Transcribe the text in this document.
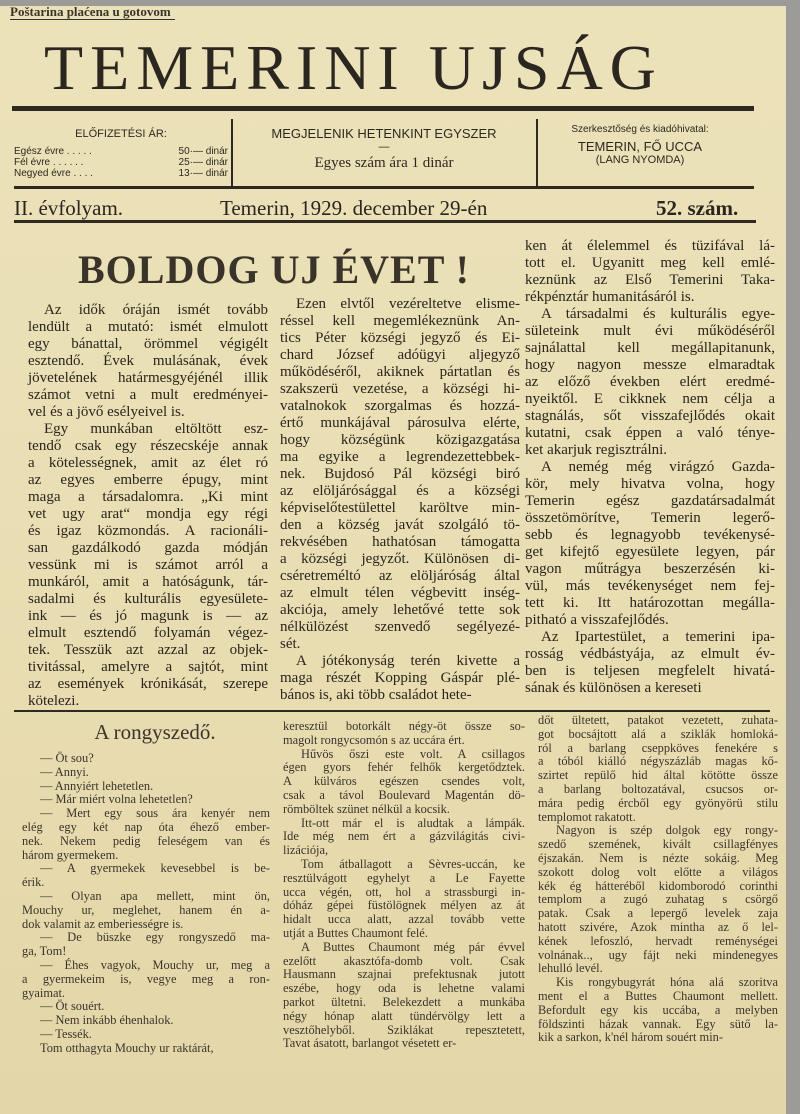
Poštarina plaćena u gotovom
TEMERINI UJSÁG
ELŐFIZETÉSI ÁR:
Egész évre . . . . .	50·— dinár
Fél évre . . . . . .	25·— dinár
Negyed évre . . . .	13·— dinár
MEGJELENIK HETENKINT EGYSZER
—
Egyes szám ára 1 dinár
Szerkesztőség és kiadóhivatal:
TEMERIN, FŐ UCCA
(LANG NYOMDA)
II. évfolyam.	Temerin, 1929. december 29-én	52. szám.
BOLDOG UJ ÉVET !
Az idők óráján ismét tovább
lendült a mutató: ismét elmulott
egy bánattal, örömmel végigélt
esztendő. Évek mulásának, évek
jövetelének határmesgyéjénél illik
számot vetni a mult eredményei-
vel és a jövő esélyeivel is.
Egy munkában eltöltött esz-
tendő csak egy részecskéje annak
a kötelességnek, amit az élet ró
az egyes emberre épugy, mint
maga a társadalomra. „Ki mint
vet ugy arat“ mondja egy régi
és igaz közmondás. A racionáli-
san gazdálkodó gazda módján
vessünk mi is számot arról a
munkáról, amit a hatóságunk, tár-
sadalmi és kulturális egyesülete-
ink — és jó magunk is — az
elmult esztendő folyamán végez-
tek. Tesszük azt azzal az objek-
tivitással, amelyre a sajtót, mint
az események krónikását, szerepe
kötelezi.
Ezen elvtől vezéreltetve elisme-
réssel kell megemlékeznünk An-
tics Péter községi jegyző és Ei-
chard József adóügyi aljegyző
működéséről, akiknek pártatlan és
szakszerü vezetése, a községi hi-
vatalnokok szorgalmas és hozzá-
értő munkájával párosulva elérte,
hogy községünk közigazgatása
ma egyike a legrendezettebbek-
nek. Bujdosó Pál községi biró
az elöljárósággal és a községi
képviselőtestülettel karöltve min-
den a község javát szolgáló tö-
rekvésében hathatósan támogatta
a községi jegyzőt. Különösen di-
cséretreméltó az elöljáróság által
az elmult télen végbevitt inség-
akciója, amely lehetővé tette sok
nélkülözést szenvedő segélyezé-
sét.
A jótékonyság terén kivette a
maga részét Kopping Gáspár plé-
bános is, aki több családot hete-
ken át élelemmel és tüzifával lá-
tott el. Ugyanitt meg kell emlé-
keznünk az Első Temerini Taka-
rékpénztár humanitásáról is.
A társadalmi és kulturális egye-
sületeink mult évi működéséről
sajnálattal kell megállapitanunk,
hogy nagyon messze elmaradtak
az előző években elért eredmé-
nyeiktől. E cikknek nem célja a
stagnálás, sőt visszafejlődés okait
kutatni, csak éppen a való ténye-
ket akarjuk regisztrálni.
A nemég még virágzó Gazda-
kör, mely hivatva volna, hogy
Temerin egész gazdatársadalmát
összetömörítve, Temerin legerő-
sebb és legnagyobb tevékenysé-
get kifejtő egyesülete legyen, pár
vagon műtrágya beszerzésén ki-
vül, más tevékenységet nem fej-
tett ki. Itt határozottan megálla-
pitható a visszafejlődés.
Az Ipartestület, a temerini ipa-
rosság védbástyája, az elmult év-
ben is teljesen megfelelt hivatá-
sának és különösen a kereseti
A rongyszedő.
— Öt sou?
— Annyi.
— Annyiért lehetetlen.
— Már miért volna lehetetlen?
— Mert egy sous ára kenyér nem
elég egy két nap óta éhező ember-
nek. Nekem pedig feleségem van és
három gyermekem.
— A gyermekek kevesebbel is be-
érik.
— Olyan apa mellett, mint ön,
Mouchy ur, meglehet, hanem én a-
dok valamit az emberiességre is.
— De büszke egy rongyszedő ma-
ga, Tom!
— Éhes vagyok, Mouchy ur, meg a
a gyermekeim is, vegye meg a ron-
gyaimat.
— Öt souért.
— Nem inkább éhenhalok.
— Tessék.
Tom otthagyta Mouchy ur raktárát,
keresztül botorkált négy-öt össze so-
magolt rongycsomón s az uccára ért.
Hűvös őszi este volt. A csillagos
égen gyors fehér felhők kergetődztek.
A külváros egészen csendes volt,
csak a távol Boulevard Magentán dö-
römböltek szünet nélkül a kocsik.
Itt-ott már el is aludtak a lámpák.
Ide még nem ért a gázvilágitás civi-
lizációja,
Tom átballagott a Sèvres-uccán, ke
resztülvágott egyhelyt a Le Fayette
ucca végén, ott, hol a strassburgi in-
dóház gépei füstölögnek mélyen az át
hidalt ucca alatt, azzal tovább vette
utját a Buttes Chaumont felé.
A Buttes Chaumont még pár évvel
ezelőtt akasztófa-domb volt. Csak
Hausmann szajnai prefektusnak jutott
eszébe, hogy oda is lehetne valami
parkot ültetni. Belekezdett a munkába
négy hónap alatt tündérvölgy lett a
vesztőhelyből. Sziklákat repesztetett,
Tavat ásatott, barlangot vésetett er-
dőt ültetett, patakot vezetett, zuhata-
got bocsájtott alá a sziklák homloká-
ról a barlang cseppköves fenekére s
a tóból kiálló négyszázláb magas kő-
szirtet repülő hid által kötötte össze
a barlang boltozatával, csucsos or-
mára pedig ércből egy gyönyörü stilu
templomot rakatott.
Nagyon is szép dolgok egy rongy-
szedő szemének, kivált csillagfényes
éjszakán. Nem is nézte sokáig. Meg
szokott dolog volt előtte a világos
kék ég hátteréből kidomborodó corinthi
templom a zugó zuhatag s csörgő
patak. Csak a lepergő levelek zaja
hatott szivére, Azok mintha az ő lel-
kének lefoszló, hervadt reménységei
volnának.., ugy fájt neki mindenegyes
lehulló levél.
Kis rongybugyrát hóna alá szoritva
ment el a Buttes Chaumont mellett.
Befordult egy kis uccába, a melyben
földszinti házak vannak. Egy sütő la-
kik a sarkon, k'nél három souért min-
